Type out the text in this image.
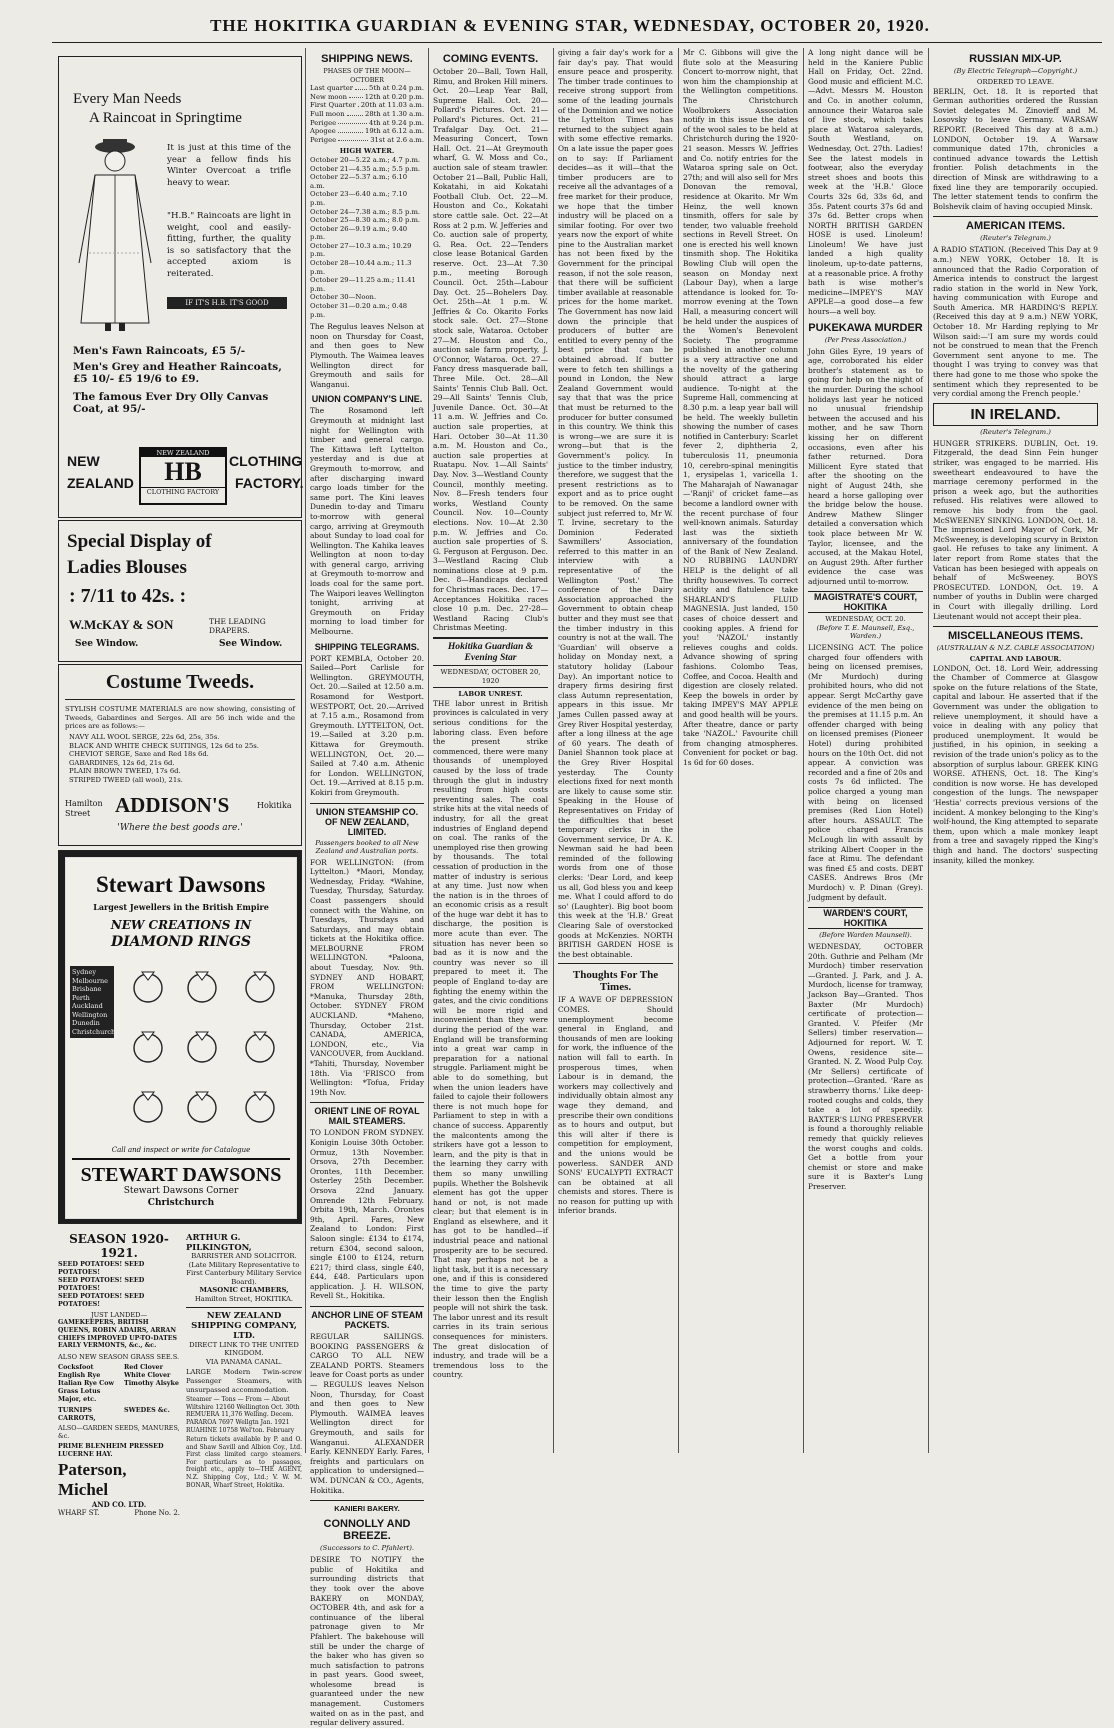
THE HOKITIKA GUARDIAN & EVENING STAR, WEDNESDAY, OCTOBER 20, 1920.
Every Man Needs
A Raincoat in Springtime
It is just at this time of the year a fellow finds his Winter Overcoat a trifle heavy to wear.
"H.B." Raincoats are light in weight, cool and easily-fitting, further, the quality is so satisfactory that the accepted axiom is reiterated.
IF IT'S H.B. IT'S GOOD
Men's Fawn Raincoats, £5 5/-
Men's Grey and Heather Raincoats, £5 10/- £5 19/6 to £9.
The famous Ever Dry Olly Canvas Coat, at 95/-
NEW
ZEALAND
NEW ZEALAND
HB
CLOTHING FACTORY
CLOTHING
FACTORY.
Special Display of
Ladies Blouses
: 7/11 to 42s. :
W.McKAY & SON	THE LEADING DRAPERS.
See Window.	See Window.
Costume Tweeds.
STYLISH COSTUME MATERIALS are now showing, consisting of Tweeds, Gabardines and Serges. All are 56 inch wide and the prices are as follows:—
NAVY ALL WOOL SERGE, 22s 6d, 25s, 35s.
BLACK AND WHITE CHECK SUITINGS, 12s 6d to 25s.
CHEVIOT SERGE, Saxe and Red 18s 6d.
GABARDINES, 12s 6d, 21s 6d.
PLAIN BROWN TWEED, 17s 6d.
STRIPED TWEED (all wool), 21s.
Hamilton Street	ADDISON'S	Hokitika
'Where the best goods are.'
Stewart Dawsons
Largest Jewellers in the British Empire
NEW CREATIONS IN
DIAMOND RINGS
Sydney Melbourne Brisbane Perth Auckland Wellington Dunedin Christchurch
Call and inspect or write for Catalogue
STEWART DAWSONS
Stewart Dawsons Corner
Christchurch
SEASON 1920-1921.
SEED POTATOES! SEED POTATOES!
SEED POTATOES! SEED POTATOES!
SEED POTATOES! SEED POTATOES!
JUST LANDED—
GAMEKEEPERS, BRITISH QUEENS, ROBIN ADAIRS, ARRAN CHIEFS IMPROVED UP-TO-DATES EARLY VERMONTS, &c., &c.
ALSO NEW SEASON GRASS SEE.S.
Cocksfoot English Rye Italian Rye Cow Grass Lotus Major, etc.
Red Clover White Clover Timothy Alsyke
TURNIPS CARROTS,
SWEDES &c.
ALSO—GARDEN SEEDS, MANURES, &c.
PRIME BLENHEIM PRESSED LUCERNE HAY.
Paterson, Michel
AND CO. LTD.
WHARF ST.	Phone No. 2.
ARTHUR G. PILKINGTON,
BARRISTER AND SOLICITOR.
(Late Military Representative to First Canterbury Military Service Board).
MASONIC CHAMBERS,
Hamilton Street, HOKITIKA.
NEW ZEALAND SHIPPING COMPANY, LTD.
DIRECT LINK TO THE UNITED KINGDOM.
VIA PANAMA CANAL.
LARGE Modern Twin-screw Passenger Steamers, with unsurpassed accommodation.
Steamer — Tons — From — About
Wiltshire 12160 Wellington Oct. 30th
REMUERA 11,376 Welling. Decem.
PARAROA 7697 Wellgtn Jan. 1921
RUAHINE 10758 Wel'ton. February
Return tickets available by P. and O. and Shaw Savill and Albion Coy., Ltd. First class limited cargo steamers. For particulars as to passages, freight etc., apply to—THE AGENT, N.Z. Shipping Coy., Ltd.; V. W. M. BONAR, Wharf Street, Hokitika.
SHIPPING NEWS.
PHASES OF THE MOON—OCTOBER
Last quarter 5th at 0.24 p.m.
New moon	12th at 0.20 p.m.
First Quarter 20th at 11.03 a.m.
Full moon	28th at 1.30 a.m.
Perigee	4th at 9.24 p.m.
Apogee	19th at 6.12 a.m.
Perigee	31st at 2.6 a.m.
HIGH WATER.
October 20—5.22 a.m.; 4.7 p.m.
October 21—4.35 a.m.; 5.5 p.m.
October 22—5.37 a.m.; 6.10 a.m.
October 23—6.40 a.m.; 7.10 p.m.
October 24—7.38 a.m.; 8.5 p.m.
October 25—8.30 a.m.; 8.0 p.m.
October 26—9.19 a.m.; 9.40 p.m.
October 27—10.3 a.m.; 10.29 p.m.
October 28—10.44 a.m.; 11.3 p.m.
October 29—11.25 a.m.; 11.41 p.m.
October 30—Noon.
October 31—0.20 a.m.; 0.48 p.m.
The Regulus leaves Nelson at noon on Thursday for Coast, and then goes to New Plymouth. The Waimea leaves Wellington direct for Greymouth and sails for Wanganui.
UNION COMPANY'S LINE.
The Rosamond left Greymouth at midnight last night for Wellington with timber and general cargo. The Kittawa left Lyttelton yesterday and is due at Greymouth to-morrow, and after discharging inward cargo loads timber for the same port. The Kini leaves Dunedin to-day and Timaru to-morrow with general cargo, arriving at Greymouth about Sunday to load coal for Wellington. The Kahika leaves Wellington at noon to-day with general cargo, arriving at Greymouth to-morrow and loads coal for the same port. The Waipori leaves Wellington tonight, arriving at Greymouth on Friday morning to load timber for Melbourne.
SHIPPING TELEGRAMS.
PORT KEMBLA, October 20. Sailed—Port Carlisle for Wellington. GREYMOUTH, Oct. 20.—Sailed at 12.50 a.m. Rosamond for Westport. WESTPORT, Oct. 20.—Arrived at 7.15 a.m., Rosamond from Greymouth. LYTTELTON, Oct. 19.—Sailed at 3.20 p.m. Kittawa for Greymouth. WELLINGTON, Oct. 20.—Sailed at 7.40 a.m. Athenic for London. WELLINGTON, Oct. 19.—Arrived at 8.15 p.m. Kokiri from Greymouth.
UNION STEAMSHIP CO. OF NEW ZEALAND, LIMITED.
Passengers booked to all New Zealand and Australian ports.
FOR WELLINGTON: (from Lyttelton.) *Maori, Monday, Wednesday, Friday. *Wahine, Tuesday, Thursday, Saturday. Coast passengers should connect with the Wahine, on Tuesdays, Thursdays and Saturdays, and may obtain tickets at the Hokitika office. MELBOURNE FROM WELLINGTON. *Paloona, about Tuesday, Nov. 9th. SYDNEY AND HOBART, FROM WELLINGTON: *Manuka, Thursday 28th, October. SYDNEY FROM AUCKLAND. *Maheno, Thursday, October 21st. CANADA, AMERICA, LONDON, etc., Via VANCOUVER, from Auckland. *Tahiti, Thursday, November 18th. Via 'FRISCO from Wellington: *Tofua, Friday 19th Nov.
ORIENT LINE OF ROYAL MAIL STEAMERS.
TO LONDON FROM SYDNEY. Konigin Louise 30th October. Ormuz, 13th November. Orsova, 27th December. Orontes, 11th December. Osterley 25th December. Orsova 22nd January. Omrende 12th February. Orbita 19th, March. Orontes 9th, April. Fares, New Zealand to London: First Saloon single: £134 to £174, return £304, second saloon, single £100 to £124, return £217; third class, single £40, £44, £48. Particulars upon application. J. H. WILSON, Revell St., Hokitika.
ANCHOR LINE OF STEAM PACKETS.
REGULAR SAILINGS. BOOKING PASSENGERS & CARGO TO ALL NEW ZEALAND PORTS. Steamers leave for Coast ports as under— REGULUS leaves Nelson Noon, Thursday, for Coast and then goes to New Plymouth. WAIMEA leaves Wellington direct for Greymouth, and sails for Wanganui. ALEXANDER Early. KENNEDY Early. Fares, freights and particulars on application to undersigned— WM. DUNCAN & CO., Agents, Hokitika.
KANIERI BAKERY.
CONNOLLY AND BREEZE.
(Successors to C. Pfahlert).
DESIRE TO NOTIFY the public of Hokitika and surrounding districts that they took over the above BAKERY on MONDAY, OCTOBER 4th, and ask for a continuance of the liberal patronage given to Mr Pfahlert. The bakehouse will still be under the charge of the baker who has given so much satisfaction to patrons in past years. Good sweet, wholesome bread is guaranteed under the new management. Customers waited on as in the past, and regular delivery assured.
COMING EVENTS.
October 20—Ball, Town Hall, Rimu, and Broken Hill miners. Oct. 20—Leap Year Ball, Supreme Hall. Oct. 20—Pollard's Pictures. Oct. 21—Pollard's Pictures. Oct. 21—Trafalgar Day. Oct. 21—Measuring Concert, Town Hall. Oct. 21—At Greymouth wharf, G. W. Moss and Co., auction sale of steam trawler. October 21—Ball, Public Hall, Kokatahi, in aid Kokatahi Football Club. Oct. 22—M. Houston and Co., Kokatahi store cattle sale. Oct. 22—At Ross at 2 p.m. W. Jefferies and Co. auction sale of property, G. Rea. Oct. 22—Tenders close lease Botanical Garden reserve. Oct. 23—At 7.30 p.m., meeting Borough Council. Oct. 25th—Labour Day. Oct. 25—Bohelers Day. Oct. 25th—At 1 p.m. W. Jeffries & Co. Okarito Forks stock sale. Oct. 27—Stone stock sale, Wataroa. October 27—M. Houston and Co., auction sale farm property, J. O'Connor, Wataroa. Oct. 27—Fancy dress masquerade ball, Three Mile. Oct. 28—All Saints' Tennis Club Ball. Oct. 29—All Saints' Tennis Club, Juvenile Dance. Oct. 30—At 11 a.m. W. Jeffries and Co. auction sale properties, at Hari. October 30—At 11.30 a.m. M. Houston and Co., auction sale properties at Ruatapu. Nov. 1—All Saints' Day. Nov. 3—Westland County Council, monthly meeting. Nov. 8—Fresh tenders four works, Westland County Council. Nov. 10—County elections. Nov. 10—At 2.30 p.m. W. Jeffries and Co. auction sale properties of S. G. Ferguson at Ferguson. Dec. 3—Westland Racing Club nominations close at 9 p.m. Dec. 8—Handicaps declared for Christmas races. Dec. 17—Acceptances Hokitika races close 10 p.m. Dec. 27-28—Westland Racing Club's Christmas Meeting.
Hokitika Guardian & Evening Star
WEDNESDAY, OCTOBER 20, 1920
LABOR UNREST.
THE labor unrest in British provinces is calculated in very serious conditions for the laboring class. Even before the present strike commenced, there were many thousands of unemployed caused by the loss of trade through the glut in industry resulting from high costs preventing sales. The coal strike hits at the vital needs of industry, for all the great industries of England depend on coal. The ranks of the unemployed rise then growing by thousands. The total cessation of production in the matter of industry is serious at any time. Just now when the nation is in the throes of an economic crisis as a result of the huge war debt it has to discharge, the position is more acute than ever. The situation has never been so bad as it is now and the country was never so ill prepared to meet it. The people of England to-day are fighting the enemy within the gates, and the civic conditions will be more rigid and inconvenient than they were during the period of the war. England will be transforming into a great war camp in preparation for a national struggle. Parliament might be able to do something, but when the union leaders have failed to cajole their followers there is not much hope for Parliament to step in with a chance of success. Apparently the malcontents among the strikers have got a lesson to learn, and the pity is that in the learning they carry with them so many unwilling pupils. Whether the Bolshevik element has got the upper hand or not, is not made clear; but that element is in England as elsewhere, and it has got to be handled—if industrial peace and national prosperity are to be secured. That may perhaps not be a light task, but it is a necessary one, and if this is considered the time to give the party their lesson then the English people will not shirk the task. The labor unrest and its result carries in its train serious consequences for ministers. The great dislocation of industry, and trade will be a tremendous loss to the country.
giving a fair day's work for a fair day's pay. That would ensure peace and prosperity. The timber trade continues to receive strong support from some of the leading journals of the Dominion and we notice the Lyttelton Times has returned to the subject again with some effective remarks. On a late issue the paper goes on to say: If Parliament decides—as it will—that the timber producers are to receive all the advantages of a free market for their produce, we hope that the timber industry will be placed on a similar footing. For over two years now the export of white pine to the Australian market has not been fixed by the Government for the principal reason, if not the sole reason, that there will be sufficient timber available at reasonable prices for the home market. The Government has now laid down the principle that producers of butter are entitled to every penny of the best price that can be obtained abroad. If butter were to fetch ten shillings a pound in London, the New Zealand Government would say that that was the price that must be returned to the producer for butter consumed in this country. We think this is wrong—we are sure it is wrong—but that is the Government's policy. In justice to the timber industry, therefore, we suggest that the present restrictions as to export and as to price ought to be removed. On the same subject just referred to, Mr W. T. Irvine, secretary to the Dominion Federated Sawmillers' Association, referred to this matter in an interview with a representative of the Wellington 'Post.' The conference of the Dairy Association approached the Government to obtain cheap butter and they must see that the timber industry in this country is not at the wall. The 'Guardian' will observe a holiday on Monday next, a statutory holiday (Labour Day). An important notice to drapery firms desiring first class Autumn representation, appears in this issue. Mr James Cullen passed away at Grey River Hospital yesterday, after a long illness at the age of 60 years. The death of Daniel Shannon took place at the Grey River Hospital yesterday. The County elections fixed for next month are likely to cause some stir. Speaking in the House of Representatives on Friday of the difficulties that beset temporary clerks in the Government service, Dr A. K. Newman said he had been reminded of the following words from one of those clerks: 'Dear Lord, and keep us all, God bless you and keep me. What I could afford to do so' (Laughter). Big boot boom this week at the 'H.B.' Great Clearing Sale of overstocked goods at McKenzies. NORTH BRITISH GARDEN HOSE is the best obtainable.
Thoughts For The Times.
IF A WAVE OF DEPRESSION COMES. Should unemployment become general in England, and thousands of men are looking for work, the influence of the nation will fall to earth. In prosperous times, when Labour is in demand, the workers may collectively and individually obtain almost any wage they demand, and prescribe their own conditions as to hours and output, but this will alter if there is competition for employment, and the unions would be powerless. SANDER AND SONS' EUCALYPTI EXTRACT can be obtained at all chemists and stores. There is no reason for putting up with inferior brands.
Mr C. Gibbons will give the flute solo at the Measuring Concert to-morrow night, that won him the championship at the Wellington competitions. The Christchurch Woolbrokers Association notify in this issue the dates of the wool sales to be held at Christchurch during the 1920-21 season. Messrs W. Jeffries and Co. notify entries for the Wataroa spring sale on Oct. 27th; and will also sell for Mrs Donovan the removal, residence at Okarito. Mr Wm Heinz, the well known tinsmith, offers for sale by tender, two valuable freehold sections in Revell Street. On one is erected his well known tinsmith shop. The Hokitika Bowling Club will open the season on Monday next (Labour Day), when a large attendance is looked for. To-morrow evening at the Town Hall, a measuring concert will be held under the auspices of the Women's Benevolent Society. The programme published in another column is a very attractive one and the novelty of the gathering should attract a large audience. To-night at the Supreme Hall, commencing at 8.30 p.m. a leap year ball will be held. The weekly bulletin showing the number of cases notified in Canterbury: Scarlet fever 2, diphtheria 2, tuberculosis 11, pneumonia 10, cerebro-spinal meningitis 1, erysipelas 1, varicella 1. The Maharajah of Nawanagar—'Ranji' of cricket fame—as become a landlord owner with the recent purchase of four well-known animals. Saturday last was the sixtieth anniversary of the foundation of the Bank of New Zealand. NO RUBBING LAUNDRY HELP is the delight of all thrifty housewives. To correct acidity and flatulence take SHARLAND'S FLUID MAGNESIA. Just landed, 150 cases of choice dessert and cooking apples. A friend for you! 'NAZOL' instantly relieves coughs and colds. Advance showing of spring fashions. Colombo Teas, Coffee, and Cocoa. Health and digestion are closely related. Keep the bowels in order by taking IMPEY'S MAY APPLE and good health will be yours. After theatre, dance or party take 'NAZOL.' Favourite chill from changing atmospheres. Convenient for pocket or bag. 1s 6d for 60 doses.
A long night dance will be held in the Kaniere Public Hall on Friday, Oct. 22nd. Good music and efficient M.C.—Advt. Messrs M. Houston and Co. in another column, announce their Wataroa sale of live stock, which takes place at Wataroa saleyards, South Westland, on Wednesday, Oct. 27th. Ladies! See the latest models in footwear, also the everyday street shoes and boots this week at the 'H.B.' Gloce Courts 32s 6d, 33s 6d, and 35s. Patent courts 37s 6d and 37s 6d. Better crops when NORTH BRITISH GARDEN HOSE is used. Linoleum! Linoleum! We have just landed a high quality linoleum, up-to-date patterns, at a reasonable price. A frothy bath is wise mother's medicine—IMPEY'S MAY APPLE—a good dose—a few hours—a well boy.
PUKEKAWA MURDER
(Per Press Association.)
John Giles Eyre, 19 years of age, corroborated his elder brother's statement as to going for help on the night of the murder. During the school holidays last year he noticed no unusual friendship between the accused and his mother, and he saw Thorn kissing her on different occasions, even after his father returned. Dora Millicent Eyre stated that after the shooting on the night of August 24th, she heard a horse galloping over the bridge below the house. Andrew Mathew Slinger detailed a conversation which took place between Mr W. Taylor, licensee, and the accused, at the Makau Hotel, on August 29th. After further evidence the case was adjourned until to-morrow.
MAGISTRATE'S COURT, HOKITIKA
WEDNESDAY, OCT. 20.
(Before T. E. Maunsell, Esq., Warden.)
LICENSING ACT. The police charged four offenders with being on licensed premises, (Mr Murdoch) during prohibited hours, who did not appear. Sergt McCarthy gave evidence of the men being on the premises at 11.15 p.m. An offender charged with being on licensed premises (Pioneer Hotel) during prohibited hours on the 10th Oct. did not appear. A conviction was recorded and a fine of 20s and costs 7s 6d inflicted. The police charged a young man with being on licensed premises (Red Lion Hotel) after hours. ASSAULT. The police charged Francis McLough lin with assault by striking Albert Cooper in the face at Rimu. The defendant was fined £5 and costs. DEBT CASES. Andrews Bros (Mr Murdoch) v. P. Dinan (Grey). Judgment by default.
WARDEN'S COURT, HOKITIKA
(Before Warden Maunsell).
WEDNESDAY, OCTOBER 20th. Guthrie and Pelham (Mr Murdoch) timber reservation—Granted. J. Park, and J. A. Murdoch, license for tramway, Jackson Bay—Granted. Thos Baxter (Mr Murdoch) certificate of protection—Granted. V. Pfeifer (Mr Sellers) timber reservation—Adjourned for report. W. T. Owens, residence site—Granted. N. Z. Wood Pulp Coy. (Mr Sellers) certificate of protection—Granted. 'Rare as strawberry thorns.' Like deep-rooted coughs and colds, they take a lot of speedily. BAXTER'S LUNG PRESERVER is found a thoroughly reliable remedy that quickly relieves the worst coughs and colds. Get a bottle from your chemist or store and make sure it is Baxter's Lung Preserver.
RUSSIAN MIX-UP.
(By Electric Telegraph—Copyright.)
ORDERED TO LEAVE.
BERLIN, Oct. 18. It is reported that German authorities ordered the Russian Soviet delegates M. Zinovieff and M. Losovsky to leave Germany. WARSAW REPORT. (Received This day at 8 a.m.) LONDON, October 19. A Warsaw communique dated 17th, chronicles a continued advance towards the Lettish frontier. Polish detachments in the direction of Minsk are withdrawing to a fixed line they are temporarily occupied. The letter statement tends to confirm the Bolshevik claim of having occupied Minsk.
AMERICAN ITEMS.
(Reuter's Telegram.)
A RADIO STATION. (Received This Day at 9 a.m.) NEW YORK, October 18. It is announced that the Radio Corporation of America intends to construct the largest radio station in the world in New York, having communication with Europe and South America. MR HARDING'S REPLY. (Received this day at 9 a.m.) NEW YORK, October 18. Mr Harding replying to Mr Wilson said:—'I am sure my words could not be construed to mean that the French Government sent anyone to me. The thought I was trying to convey was that there had gone to me those who spoke the sentiment which they represented to be very cordial among the French people.'
IN IRELAND.
(Reuter's Telegram.)
HUNGER STRIKERS. DUBLIN, Oct. 19. Fitzgerald, the dead Sinn Fein hunger striker, was engaged to be married. His sweetheart endeavoured to have the marriage ceremony performed in the prison a week ago, but the authorities refused. His relatives were allowed to remove his body from the gaol. McSWEENEY SINKING. LONDON, Oct. 18. The imprisoned Lord Mayor of Cork, Mr McSweeney, is developing scurvy in Brixton gaol. He refuses to take any liniment. A later report from Rome states that the Vatican has been besieged with appeals on behalf of McSweeney. BOYS PROSECUTED. LONDON, Oct. 19. A number of youths in Dublin were charged in Court with illegally drilling. Lord Lieutenant would not accept their plea.
MISCELLANEOUS ITEMS.
(AUSTRALIAN & N.Z. CABLE ASSOCIATION)
CAPITAL AND LABOUR.
LONDON, Oct. 18. Lord Weir, addressing the Chamber of Commerce at Glasgow spoke on the future relations of the State, capital and labour. He asserted that if the Government was under the obligation to relieve unemployment, it should have a voice in dealing with any policy that produced unemployment. It would be justified, in his opinion, in seeking a revision of the trade union's policy as to the absorption of surplus labour. GREEK KING WORSE. ATHENS, Oct. 18. The King's condition is now worse. He has developed congestion of the lungs. The newspaper 'Hestia' corrects previous versions of the incident. A monkey belonging to the King's wolf-hound, the King attempted to separate them, upon which a male monkey leapt from a tree and savagely ripped the King's thigh and hand. The doctors' suspecting insanity, killed the monkey.
